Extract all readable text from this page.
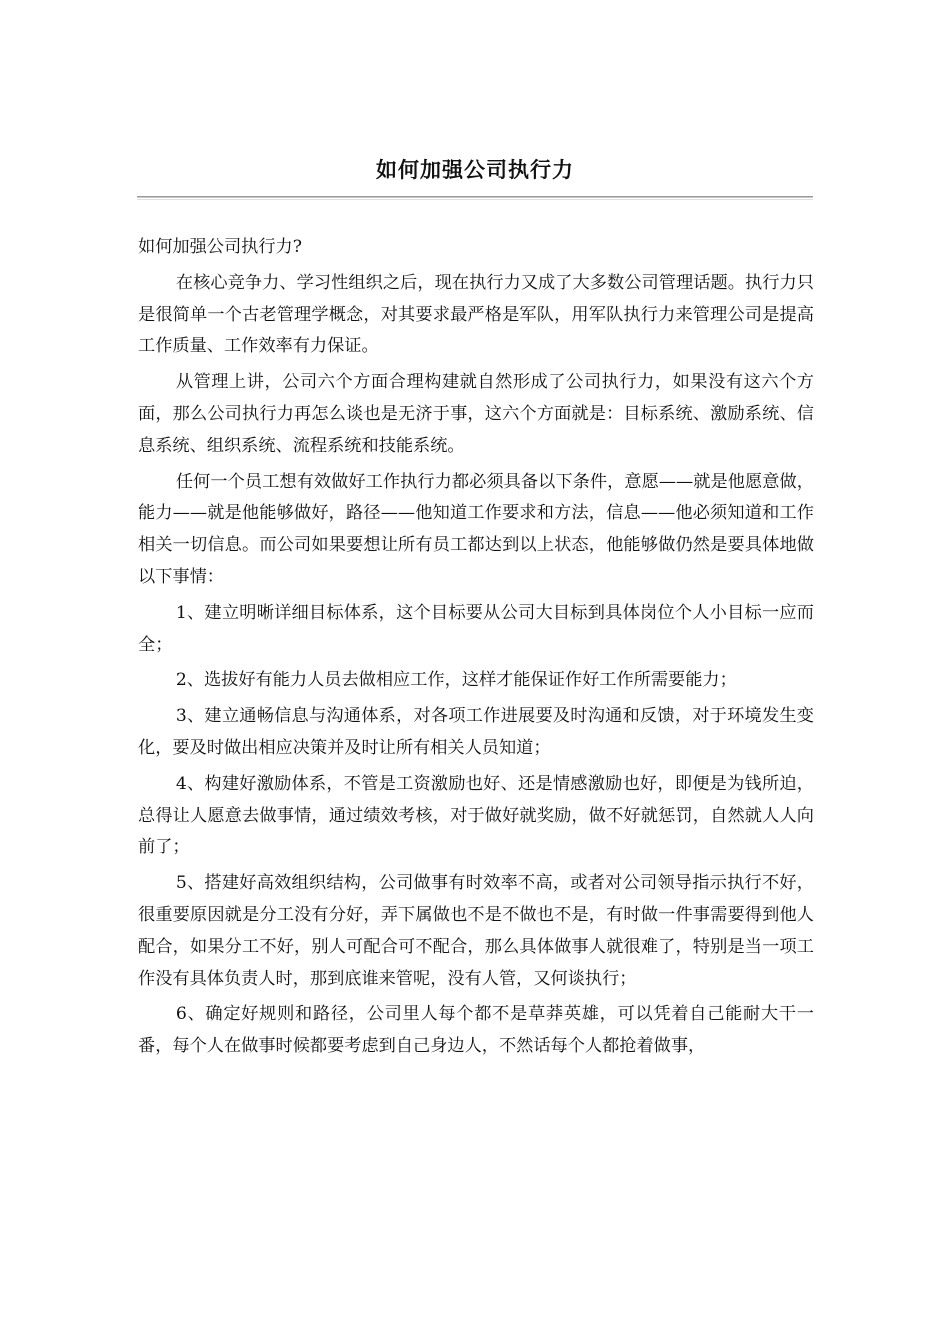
如何加强公司执行力

如何加强公司执行力?

在核心竞争力、学习性组织之后，现在执行力又成了大多数公司管理话题。执行力只是很简单一个古老管理学概念，对其要求最严格是军队，用军队执行力来管理公司是提高工作质量、工作效率有力保证。

从管理上讲，公司六个方面合理构建就自然形成了公司执行力，如果没有这六个方面，那么公司执行力再怎么谈也是无济于事，这六个方面就是：目标系统、激励系统、信息系统、组织系统、流程系统和技能系统。

任何一个员工想有效做好工作执行力都必须具备以下条件，意愿——就是他愿意做，能力——就是他能够做好，路径——他知道工作要求和方法，信息——他必须知道和工作相关一切信息。而公司如果要想让所有员工都达到以上状态，他能够做仍然是要具体地做以下事情：

1、建立明晰详细目标体系，这个目标要从公司大目标到具体岗位个人小目标一应而全；

2、选拔好有能力人员去做相应工作，这样才能保证作好工作所需要能力；

3、建立通畅信息与沟通体系，对各项工作进展要及时沟通和反馈，对于环境发生变化，要及时做出相应决策并及时让所有相关人员知道；

4、构建好激励体系，不管是工资激励也好、还是情感激励也好，即便是为钱所迫，总得让人愿意去做事情，通过绩效考核，对于做好就奖励，做不好就惩罚，自然就人人向前了；

5、搭建好高效组织结构，公司做事有时效率不高，或者对公司领导指示执行不好，很重要原因就是分工没有分好，弄下属做也不是不做也不是，有时做一件事需要得到他人配合，如果分工不好，别人可配合可不配合，那么具体做事人就很难了，特别是当一项工作没有具体负责人时，那到底谁来管呢，没有人管，又何谈执行；

6、确定好规则和路径，公司里人每个都不是草莽英雄，可以凭着自己能耐大干一番，每个人在做事时候都要考虑到自己身边人，不然话每个人都抢着做事，
